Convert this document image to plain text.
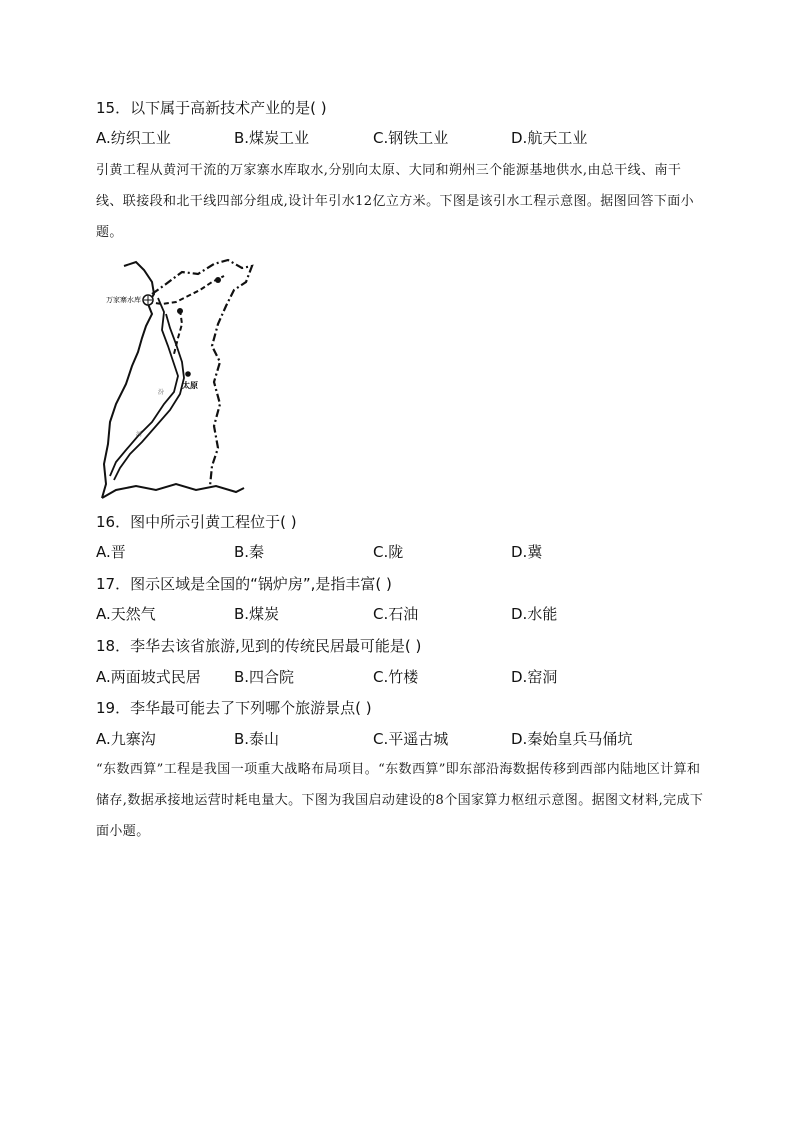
15．以下属于高新技术产业的是( )
A.纺织工业	B.煤炭工业	C.钢铁工业	D.航天工业
引黄工程从黄河干流的万家寨水库取水,分别向太原、大同和朔州三个能源基地供水,由总干线、南干线、联接段和北干线四部分组成,设计年引水12亿立方米。下图是该引水工程示意图。据图回答下面小题。
万家寨水库
太原
汾
河
16．图中所示引黄工程位于( )
A.晋	B.秦	C.陇	D.冀
17．图示区域是全国的“锅炉房”,是指丰富( )
A.天然气	B.煤炭	C.石油	D.水能
18．李华去该省旅游,见到的传统民居最可能是( )
A.两面坡式民居 B.四合院	C.竹楼	D.窑洞
19．李华最可能去了下列哪个旅游景点( )
A.九寨沟	B.泰山	C.平遥古城	D.秦始皇兵马俑坑
“东数西算”工程是我国一项重大战略布局项目。“东数西算”即东部沿海数据传移到西部内陆地区计算和储存,数据承接地运营时耗电量大。下图为我国启动建设的8个国家算力枢纽示意图。据图文材料,完成下面小题。
